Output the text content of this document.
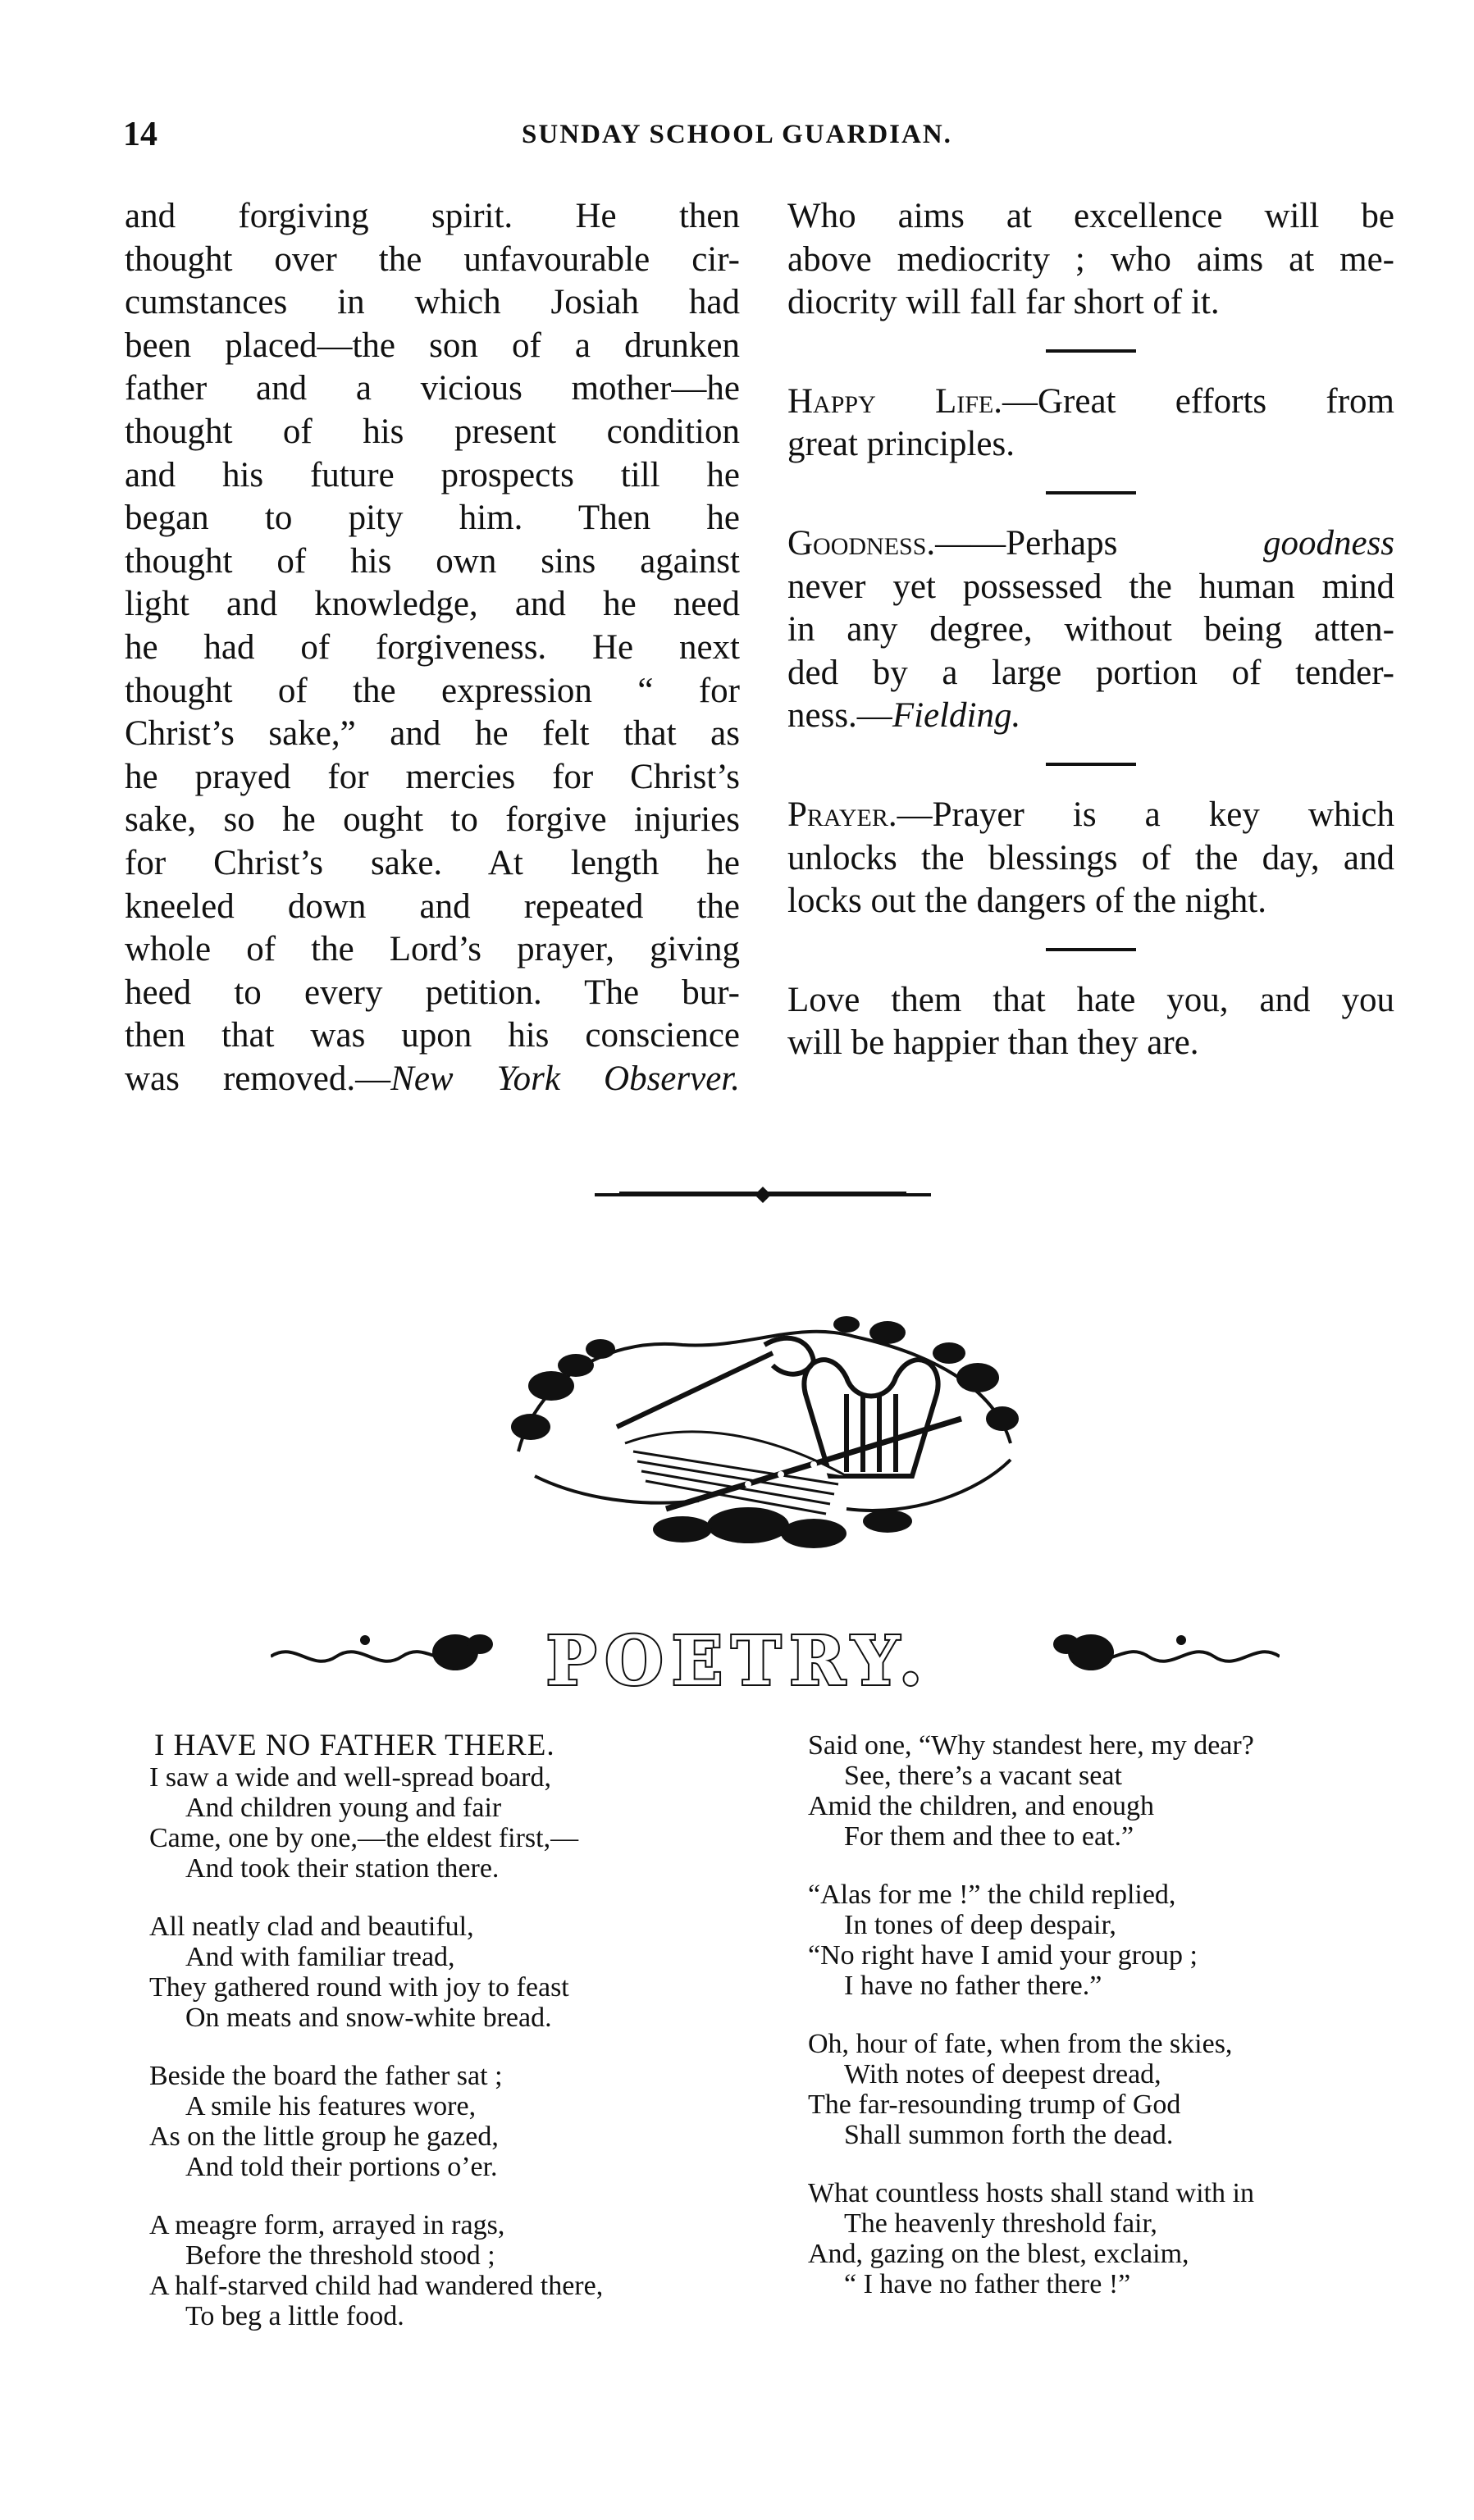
14	SUNDAY SCHOOL GUARDIAN.
and forgiving spirit. He then
thought over the unfavourable cir-
cumstances in which Josiah had
been placed—the son of a drunken
father and a vicious mother—he
thought of his present condition
and his future prospects till he
began to pity him. Then he
thought of his own sins against
light and knowledge, and he need
he had of forgiveness. He next
thought of the expression “ for
Christ’s sake,” and he felt that as
he prayed for mercies for Christ’s
sake, so he ought to forgive injuries
for Christ’s sake. At length he
kneeled down and repeated the
whole of the Lord’s prayer, giving
heed to every petition. The bur-
then that was upon his conscience
was removed.—New York Observer.
Who aims at excellence will be
above mediocrity ; who aims at me-
diocrity will fall far short of it.
Happy Life.—Great efforts from
great principles.
Goodness.——Perhaps goodness
never yet possessed the human mind
in any degree, without being atten-
ded by a large portion of tender-
ness.—Fielding.
Prayer.—Prayer is a key which
unlocks the blessings of the day, and
locks out the dangers of the night.
Love them that hate you, and you
will be happier than they are.
POETRY.
I HAVE NO FATHER THERE.
I saw a wide and well-spread board,
And children young and fair
Came, one by one,—the eldest first,—
And took their station there.
All neatly clad and beautiful,
And with familiar tread,
They gathered round with joy to feast
On meats and snow-white bread.
Beside the board the father sat ;
A smile his features wore,
As on the little group he gazed,
And told their portions o’er.
A meagre form, arrayed in rags,
Before the threshold stood ;
A half-starved child had wandered there,
To beg a little food.
Said one, “Why standest here, my dear?
See, there’s a vacant seat
Amid the children, and enough
For them and thee to eat.”
“Alas for me !” the child replied,
In tones of deep despair,
“No right have I amid your group ;
I have no father there.”
Oh, hour of fate, when from the skies,
With notes of deepest dread,
The far-resounding trump of God
Shall summon forth the dead.
What countless hosts shall stand with in
The heavenly threshold fair,
And, gazing on the blest, exclaim,
“ I have no father there !”
